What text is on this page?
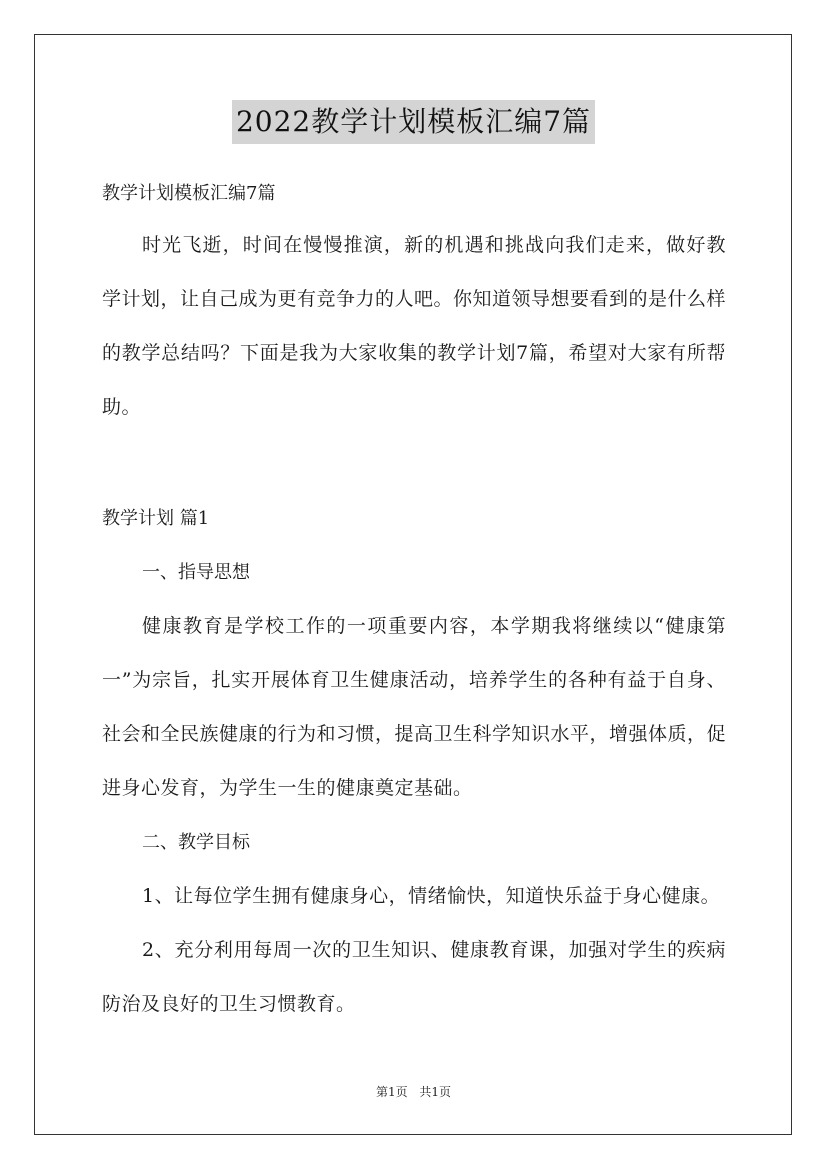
2022教学计划模板汇编7篇
教学计划模板汇编7篇
时光飞逝，时间在慢慢推演，新的机遇和挑战向我们走来，做好教学计划，让自己成为更有竞争力的人吧。你知道领导想要看到的是什么样的教学总结吗？下面是我为大家收集的教学计划7篇，希望对大家有所帮助。
教学计划 篇1
一、指导思想
健康教育是学校工作的一项重要内容，本学期我将继续以“健康第一”为宗旨，扎实开展体育卫生健康活动，培养学生的各种有益于自身、社会和全民族健康的行为和习惯，提高卫生科学知识水平，增强体质，促进身心发育，为学生一生的健康奠定基础。
二、教学目标
1、让每位学生拥有健康身心，情绪愉快，知道快乐益于身心健康。
2、充分利用每周一次的卫生知识、健康教育课，加强对学生的疾病防治及良好的卫生习惯教育。
第1页 共1页
